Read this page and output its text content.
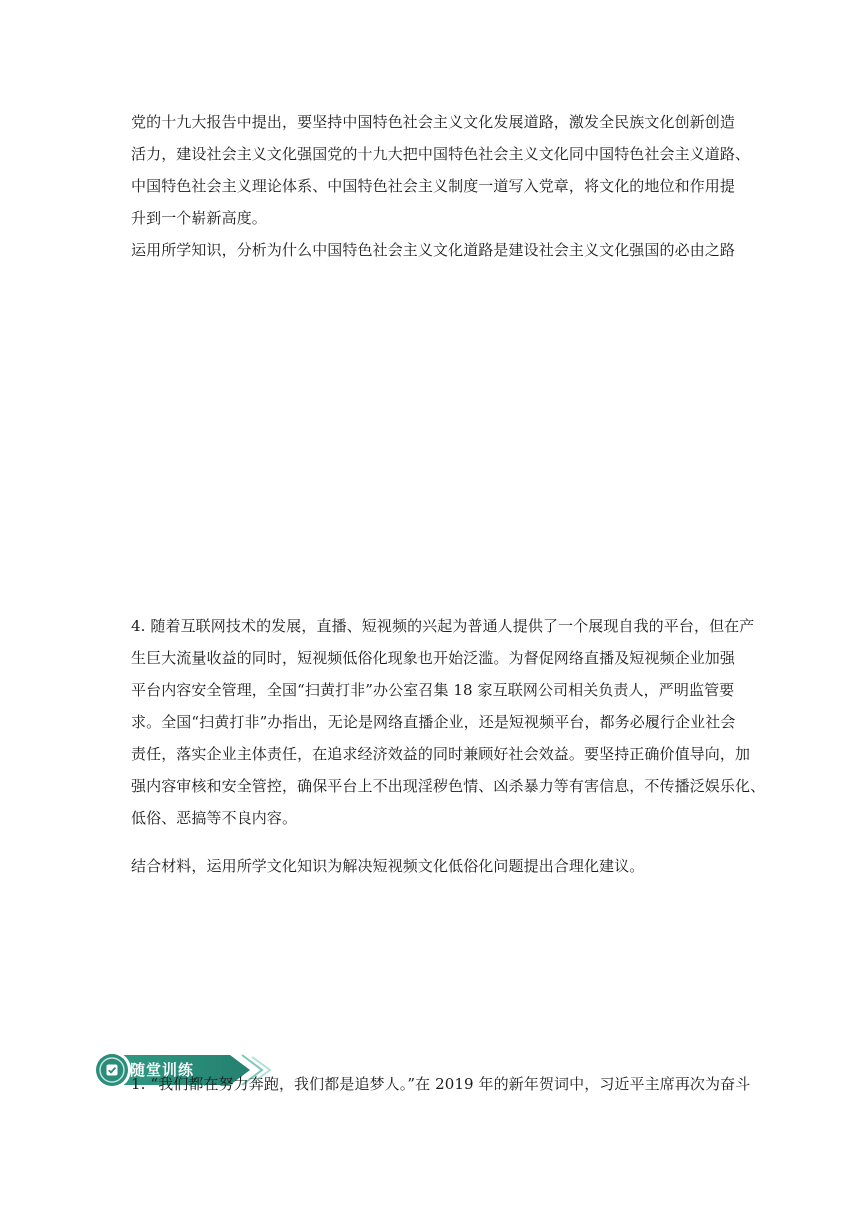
党的十九大报告中提出，要坚持中国特色社会主义文化发展道路，激发全民族文化创新创造
活力，建设社会主义文化强国党的十九大把中国特色社会主义文化同中国特色社会主义道路、
中国特色社会主义理论体系、中国特色社会主义制度一道写入党章，将文化的地位和作用提
升到一个崭新高度。
运用所学知识，分析为什么中国特色社会主义文化道路是建设社会主义文化强国的必由之路
4. 随着互联网技术的发展，直播、短视频的兴起为普通人提供了一个展现自我的平台，但在产
生巨大流量收益的同时，短视频低俗化现象也开始泛滥。为督促网络直播及短视频企业加强
平台内容安全管理，全国“扫黄打非”办公室召集 18 家互联网公司相关负责人，严明监管要
求。全国“扫黄打非”办指出，无论是网络直播企业，还是短视频平台，都务必履行企业社会
责任，落实企业主体责任，在追求经济效益的同时兼顾好社会效益。要坚持正确价值导向，加
强内容审核和安全管控，确保平台上不出现淫秽色情、凶杀暴力等有害信息，不传播泛娱乐化、
低俗、恶搞等不良内容。
结合材料，运用所学文化知识为解决短视频文化低俗化问题提出合理化建议。
随堂训练
1. “我们都在努力奔跑，我们都是追梦人。”在 2019 年的新年贺词中，习近平主席再次为奋斗
